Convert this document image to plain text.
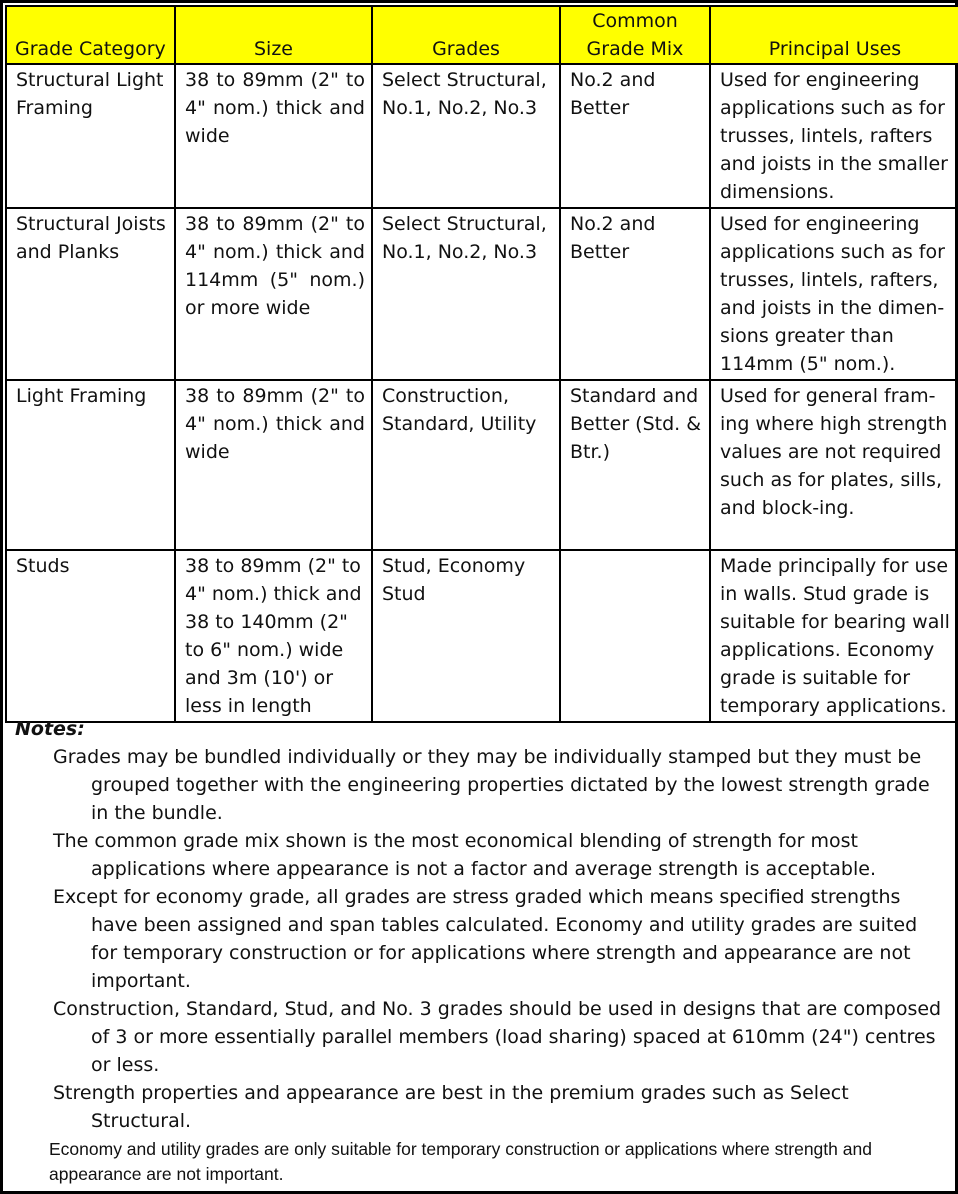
Grade Category	Size	Grades	Common Grade Mix	Principal Uses
Structural Light Framing	38 to 89mm (2" to 4" nom.) thick and wide	Select Structural, No.1, No.2, No.3	No.2 and Better	Used for engineering applications such as for trusses, lintels, rafters and joists in the smaller dimensions.
Structural Joists and Planks	38 to 89mm (2" to 4" nom.) thick and 114mm (5" nom.) or more wide	Select Structural, No.1, No.2, No.3	No.2 and Better	Used for engineering applications such as for trusses, lintels, rafters, and joists in the dimen-sions greater than 114mm (5" nom.).
Light Framing	38 to 89mm (2" to 4" nom.) thick and wide	Construction, Standard, Utility	Standard and Better (Std. & Btr.)	Used for general fram-ing where high strength values are not required such as for plates, sills, and block-ing.
Studs	38 to 89mm (2" to 4" nom.) thick and 38 to 140mm (2" to 6" nom.) wide and 3m (10') or less in length	Stud, Economy Stud		Made principally for use in walls. Stud grade is suitable for bearing wall applications. Economy grade is suitable for temporary applications.
Notes:
Grades may be bundled individually or they may be individually stamped but they must be grouped together with the engineering properties dictated by the lowest strength grade in the bundle.
The common grade mix shown is the most economical blending of strength for most applications where appearance is not a factor and average strength is acceptable.
Except for economy grade, all grades are stress graded which means specified strengths have been assigned and span tables calculated. Economy and utility grades are suited for temporary construction or for applications where strength and appearance are not important.
Construction, Standard, Stud, and No. 3 grades should be used in designs that are composed of 3 or more essentially parallel members (load sharing) spaced at 610mm (24") centres or less.
Strength properties and appearance are best in the premium grades such as Select Structural.
Economy and utility grades are only suitable for temporary construction or applications where strength and appearance are not important.
